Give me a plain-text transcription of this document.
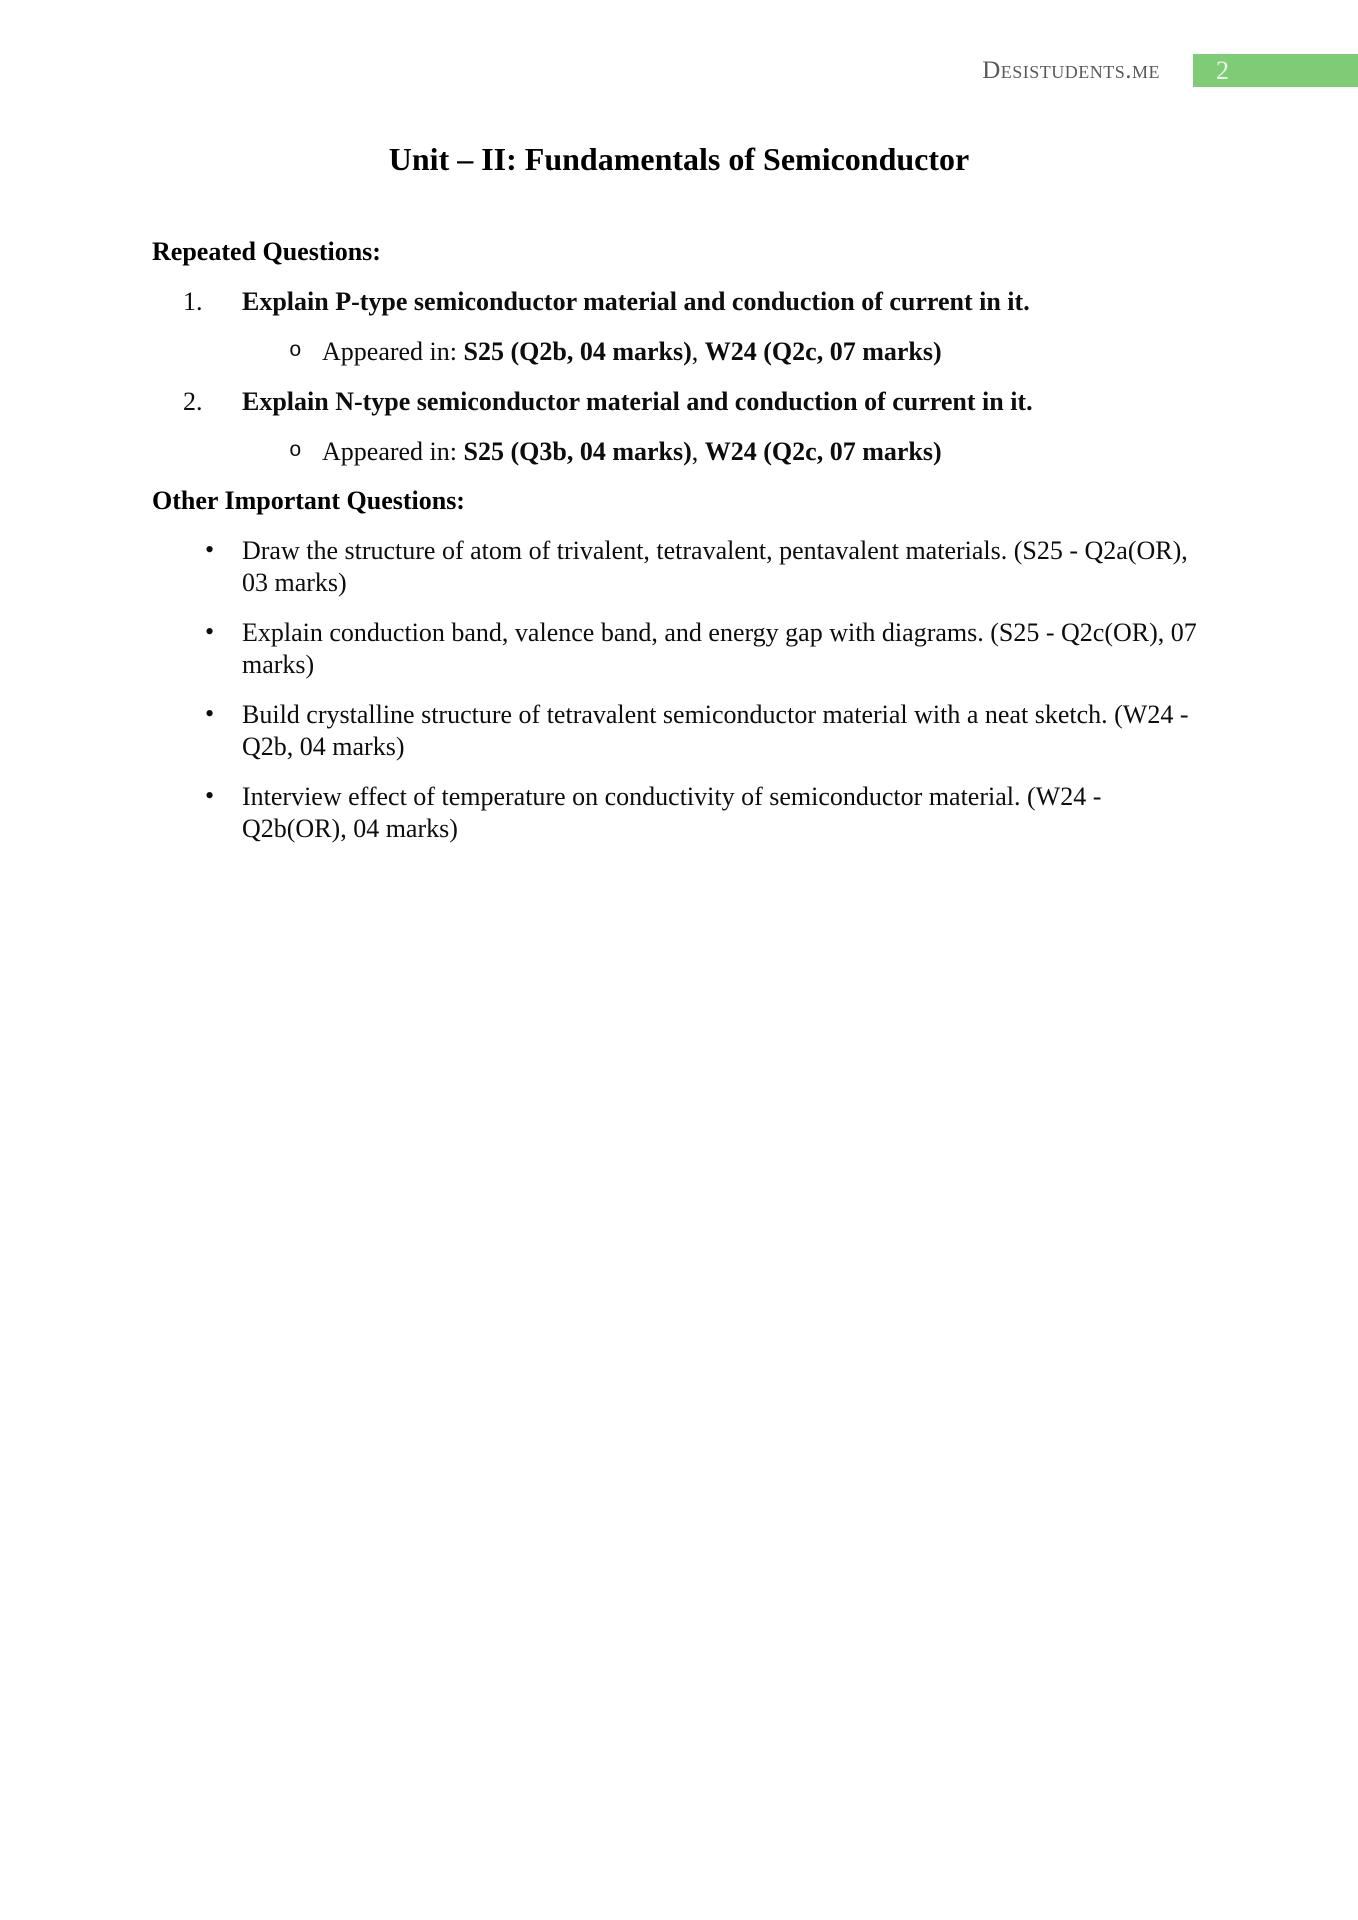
Desistudents.me	2
Unit – II: Fundamentals of Semiconductor
Repeated Questions:
1. Explain P-type semiconductor material and conduction of current in it.
o Appeared in: S25 (Q2b, 04 marks), W24 (Q2c, 07 marks)
2. Explain N-type semiconductor material and conduction of current in it.
o Appeared in: S25 (Q3b, 04 marks), W24 (Q2c, 07 marks)
Other Important Questions:
• Draw the structure of atom of trivalent, tetravalent, pentavalent materials. (S25 - Q2a(OR), 03 marks)
• Explain conduction band, valence band, and energy gap with diagrams. (S25 - Q2c(OR), 07 marks)
• Build crystalline structure of tetravalent semiconductor material with a neat sketch. (W24 - Q2b, 04 marks)
• Interview effect of temperature on conductivity of semiconductor material. (W24 - Q2b(OR), 04 marks)
